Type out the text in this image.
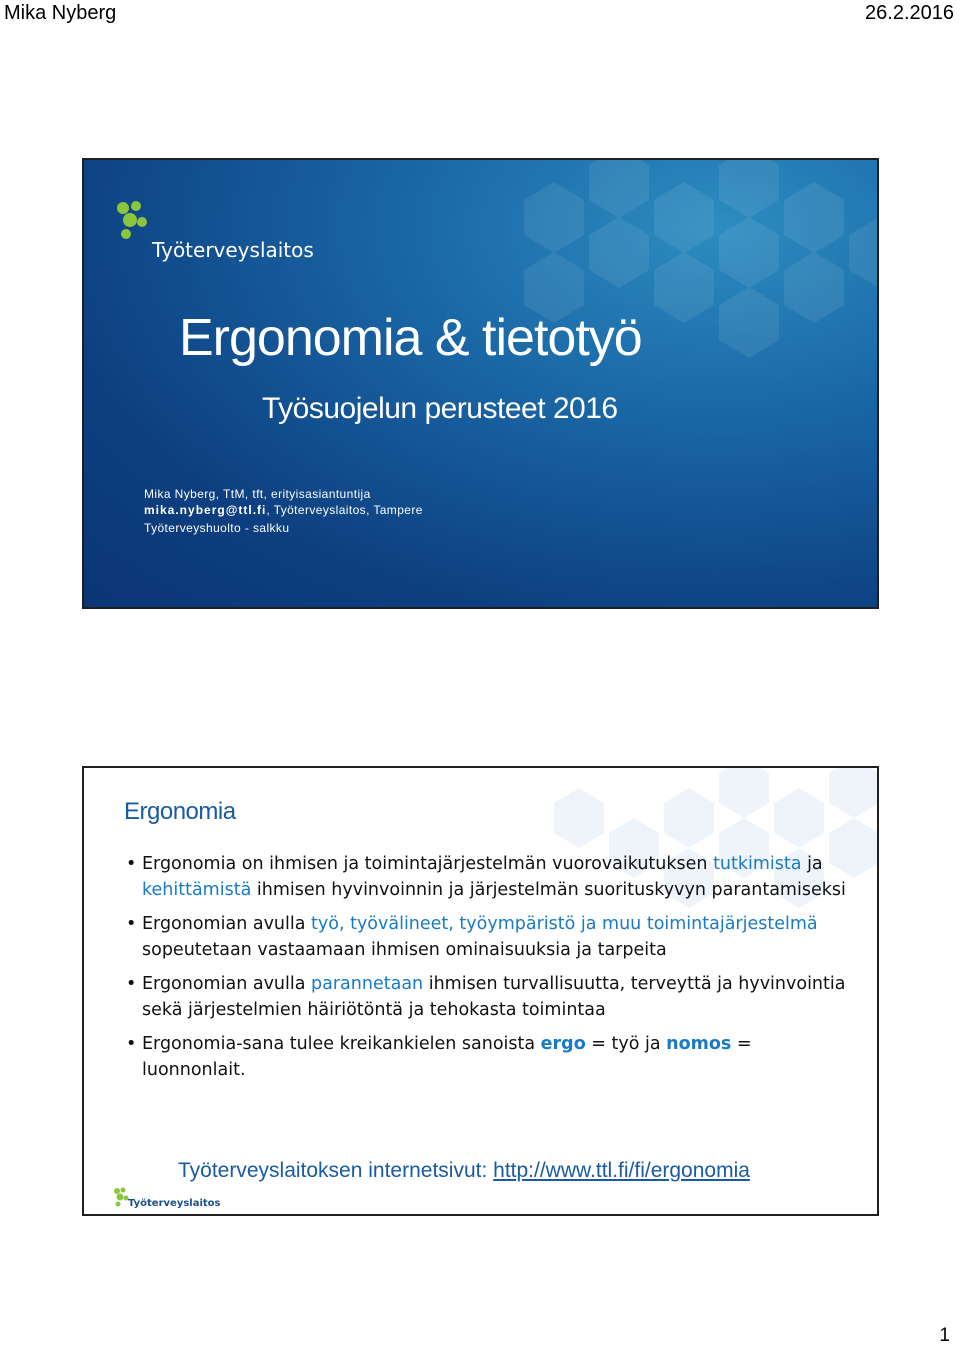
Mika Nyberg	26.2.2016
Työterveyslaitos
Ergonomia & tietotyö
Työsuojelun perusteet 2016
Mika Nyberg, TtM, tft, erityisasiantuntija
mika.nyberg@ttl.fi, Työterveyslaitos, Tampere
Työterveyshuolto - salkku
Ergonomia
• Ergonomia on ihmisen ja toimintajärjestelmän vuorovaikutuksen tutkimista ja kehittämistä ihmisen hyvinvoinnin ja järjestelmän suorituskyvyn parantamiseksi
• Ergonomian avulla työ, työvälineet, työympäristö ja muu toimintajärjestelmä sopeutetaan vastaamaan ihmisen ominaisuuksia ja tarpeita
• Ergonomian avulla parannetaan ihmisen turvallisuutta, terveyttä ja hyvinvointia sekä järjestelmien häiriötöntä ja tehokasta toimintaa
• Ergonomia-sana tulee kreikankielen sanoista ergo = työ ja nomos = luonnonlait.
Työterveyslaitoksen internetsivut: http://www.ttl.fi/fi/ergonomia
Työterveyslaitos
1
